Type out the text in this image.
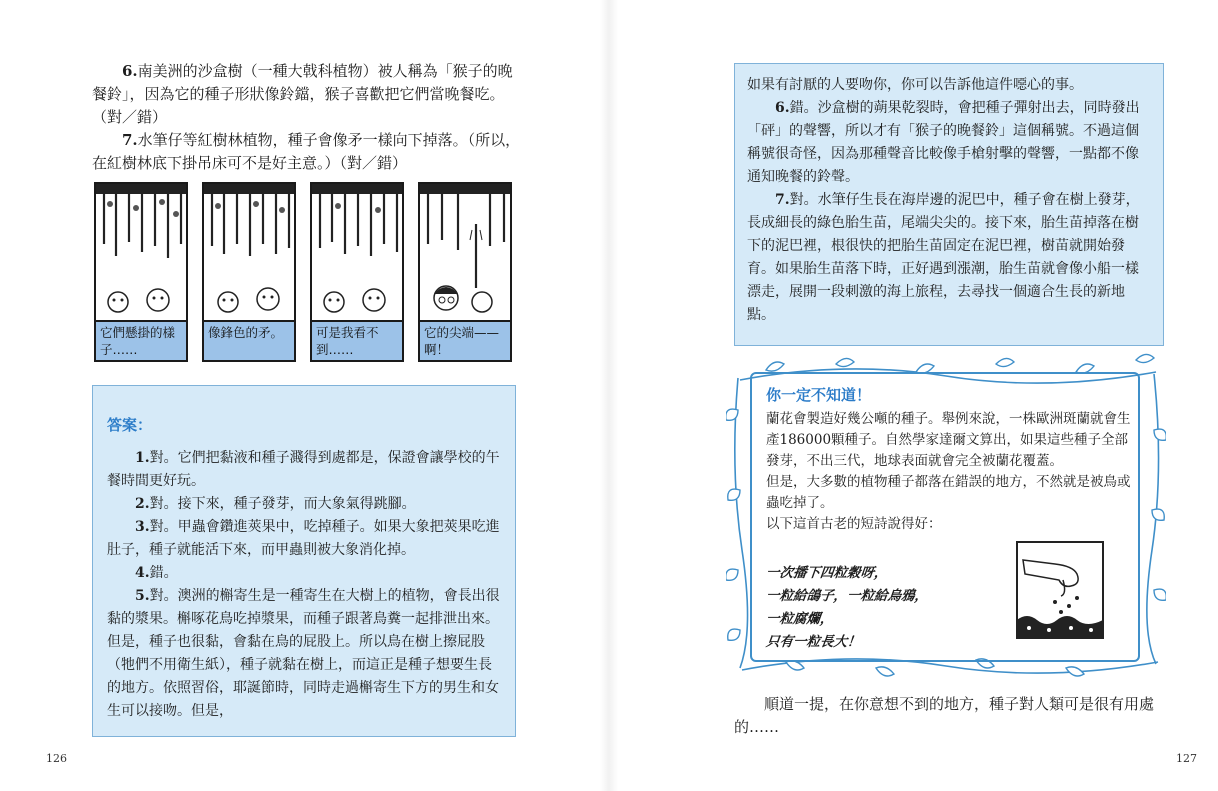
6.南美洲的沙盒樹（一種大戟科植物）被人稱為「猴子的晚餐鈴」，因為它的種子形狀像鈴鐺，猴子喜歡把它們當晚餐吃。（對／錯）

7.水筆仔等紅樹林植物，種子會像矛一樣向下掉落。（所以，在紅樹林底下掛吊床可不是好主意。）（對／錯）

它們懸掛的樣子……
像鋒色的矛。	可是我看不到……
它的尖端——啊！

答案：

1.對。它們把黏液和種子濺得到處都是，保證會讓學校的午餐時間更好玩。

2.對。接下來，種子發芽，而大象氣得跳腳。

3.對。甲蟲會鑽進莢果中，吃掉種子。如果大象把莢果吃進肚子，種子就能活下來，而甲蟲則被大象消化掉。

4.錯。

5.對。澳洲的槲寄生是一種寄生在大樹上的植物，會長出很黏的漿果。槲啄花鳥吃掉漿果，而種子跟著鳥糞一起排泄出來。但是，種子也很黏，會黏在鳥的屁股上。所以鳥在樹上擦屁股（牠們不用衛生紙），種子就黏在樹上，而這正是種子想要生長的地方。依照習俗，耶誕節時，同時走過槲寄生下方的男生和女生可以接吻。但是，

126

如果有討厭的人要吻你，你可以告訴他這件噁心的事。

6.錯。沙盒樹的蒴果乾裂時，會把種子彈射出去，同時發出「砰」的聲響，所以才有「猴子的晚餐鈴」這個稱號。不過這個稱號很奇怪，因為那種聲音比較像手槍射擊的聲響，一點都不像通知晚餐的鈴聲。

7.對。水筆仔生長在海岸邊的泥巴中，種子會在樹上發芽，長成細長的綠色胎生苗，尾端尖尖的。接下來，胎生苗掉落在樹下的泥巴裡，根很快的把胎生苗固定在泥巴裡，樹苗就開始發育。如果胎生苗落下時，正好遇到漲潮，胎生苗就會像小船一樣漂走，展開一段刺激的海上旅程，去尋找一個適合生長的新地點。

你一定不知道！

蘭花會製造好幾公噸的種子。舉例來說，一株歐洲斑蘭就會生產186000顆種子。自然學家達爾文算出，如果這些種子全部發芽，不出三代，地球表面就會完全被蘭花覆蓋。

但是，大多數的植物種子都落在錯誤的地方，不然就是被鳥或蟲吃掉了。

以下這首古老的短詩說得好：

一次播下四粒穀呀，

一粒給鴿子，一粒給烏鴉，

一粒腐爛，

只有一粒長大！

順道一提，在你意想不到的地方，種子對人類可是很有用處的……

127
